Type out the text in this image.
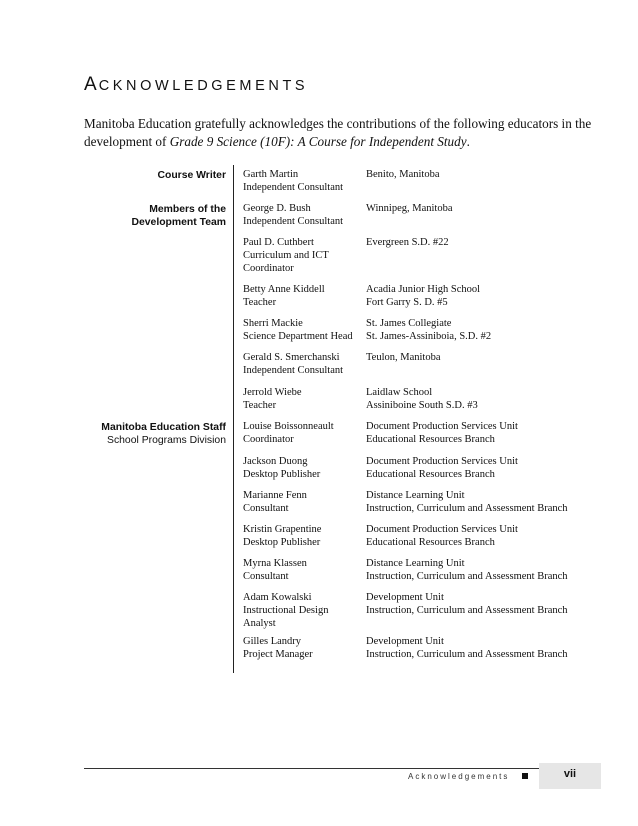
ACKNOWLEDGEMENTS
Manitoba Education gratefully acknowledges the contributions of the following educators in the development of Grade 9 Science (10F): A Course for Independent Study.
Course Writer
Members of the
Development Team
Manitoba Education Staff
School Programs Division
Garth Martin
Independent Consultant
Benito, Manitoba
George D. Bush
Independent Consultant
Winnipeg, Manitoba
Paul D. Cuthbert
Curriculum and ICT
Coordinator
Evergreen S.D. #22
Betty Anne Kiddell
Teacher
Acadia Junior High School
Fort Garry S. D. #5
Sherri Mackie
Science Department Head
St. James Collegiate
St. James-Assiniboia, S.D. #2
Gerald S. Smerchanski
Independent Consultant
Teulon, Manitoba
Jerrold Wiebe
Teacher
Laidlaw School
Assiniboine South S.D. #3
Louise Boissonneault
Coordinator
Document Production Services Unit
Educational Resources Branch
Jackson Duong
Desktop Publisher
Document Production Services Unit
Educational Resources Branch
Marianne Fenn
Consultant
Distance Learning Unit
Instruction, Curriculum and Assessment Branch
Kristin Grapentine
Desktop Publisher
Document Production Services Unit
Educational Resources Branch
Myrna Klassen
Consultant
Distance Learning Unit
Instruction, Curriculum and Assessment Branch
Adam Kowalski
Instructional Design
Analyst
Development Unit
Instruction, Curriculum and Assessment Branch
Gilles Landry
Project Manager
Development Unit
Instruction, Curriculum and Assessment Branch
Acknowledgements	vii
